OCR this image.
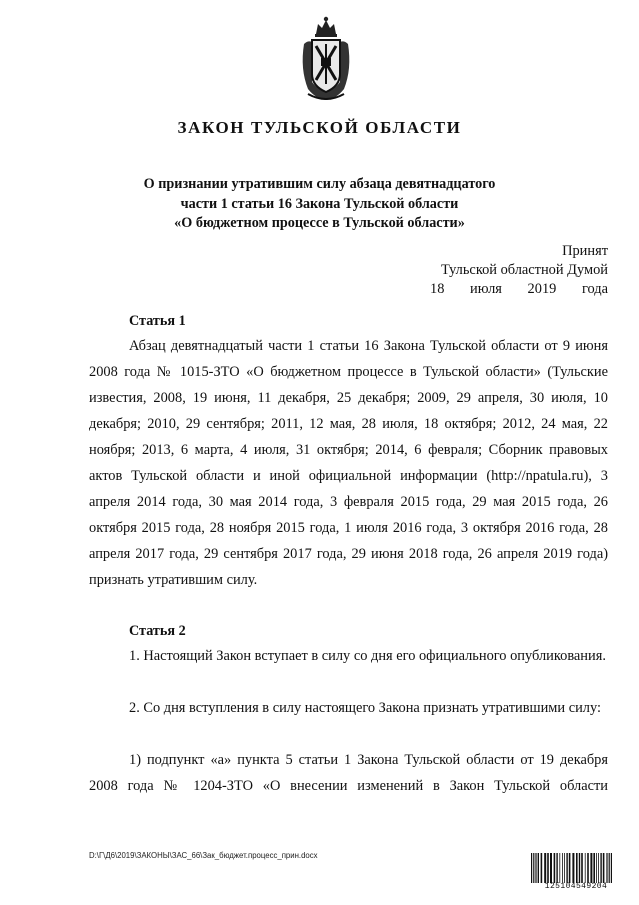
ЗАКОН ТУЛЬСКОЙ ОБЛАСТИ
О признании утратившим силу абзаца девятнадцатого
части 1 статьи 16 Закона Тульской области
«О бюджетном процессе в Тульской области»
Принят
Тульской областной Думой
18 июля 2019 года
Статья 1

Абзац девятнадцатый части 1 статьи 16 Закона Тульской области от 9 июня 2008 года № 1015-ЗТО «О бюджетном процессе в Тульской области» (Тульские известия, 2008, 19 июня, 11 декабря, 25 декабря; 2009, 29 апреля, 30 июля, 10 декабря; 2010, 29 сентября; 2011, 12 мая, 28 июля, 18 октября; 2012, 24 мая, 22 ноября; 2013, 6 марта, 4 июля, 31 октября; 2014, 6 февраля; Сборник правовых актов Тульской области и иной официальной информации (http://npatula.ru), 3 апреля 2014 года, 30 мая 2014 года, 3 февраля 2015 года, 29 мая 2015 года, 26 октября 2015 года, 28 ноября 2015 года, 1 июля 2016 года, 3 октября 2016 года, 28 апреля 2017 года, 29 сентября 2017 года, 29 июня 2018 года, 26 апреля 2019 года) признать утратившим силу.

Статья 2

1. Настоящий Закон вступает в силу со дня его официального опубликования.

2. Со дня вступления в силу настоящего Закона признать утратившими силу:

1) подпункт «а» пункта 5 статьи 1 Закона Тульской области от 19 декабря 2008 года № 1204-ЗТО «О внесении изменений в Закон Тульской области

D:\Г\Д6\2019\ЗАКОНЫ\ЗАС_66\Зак_бюджет.процесс_прин.docx
125104549204
